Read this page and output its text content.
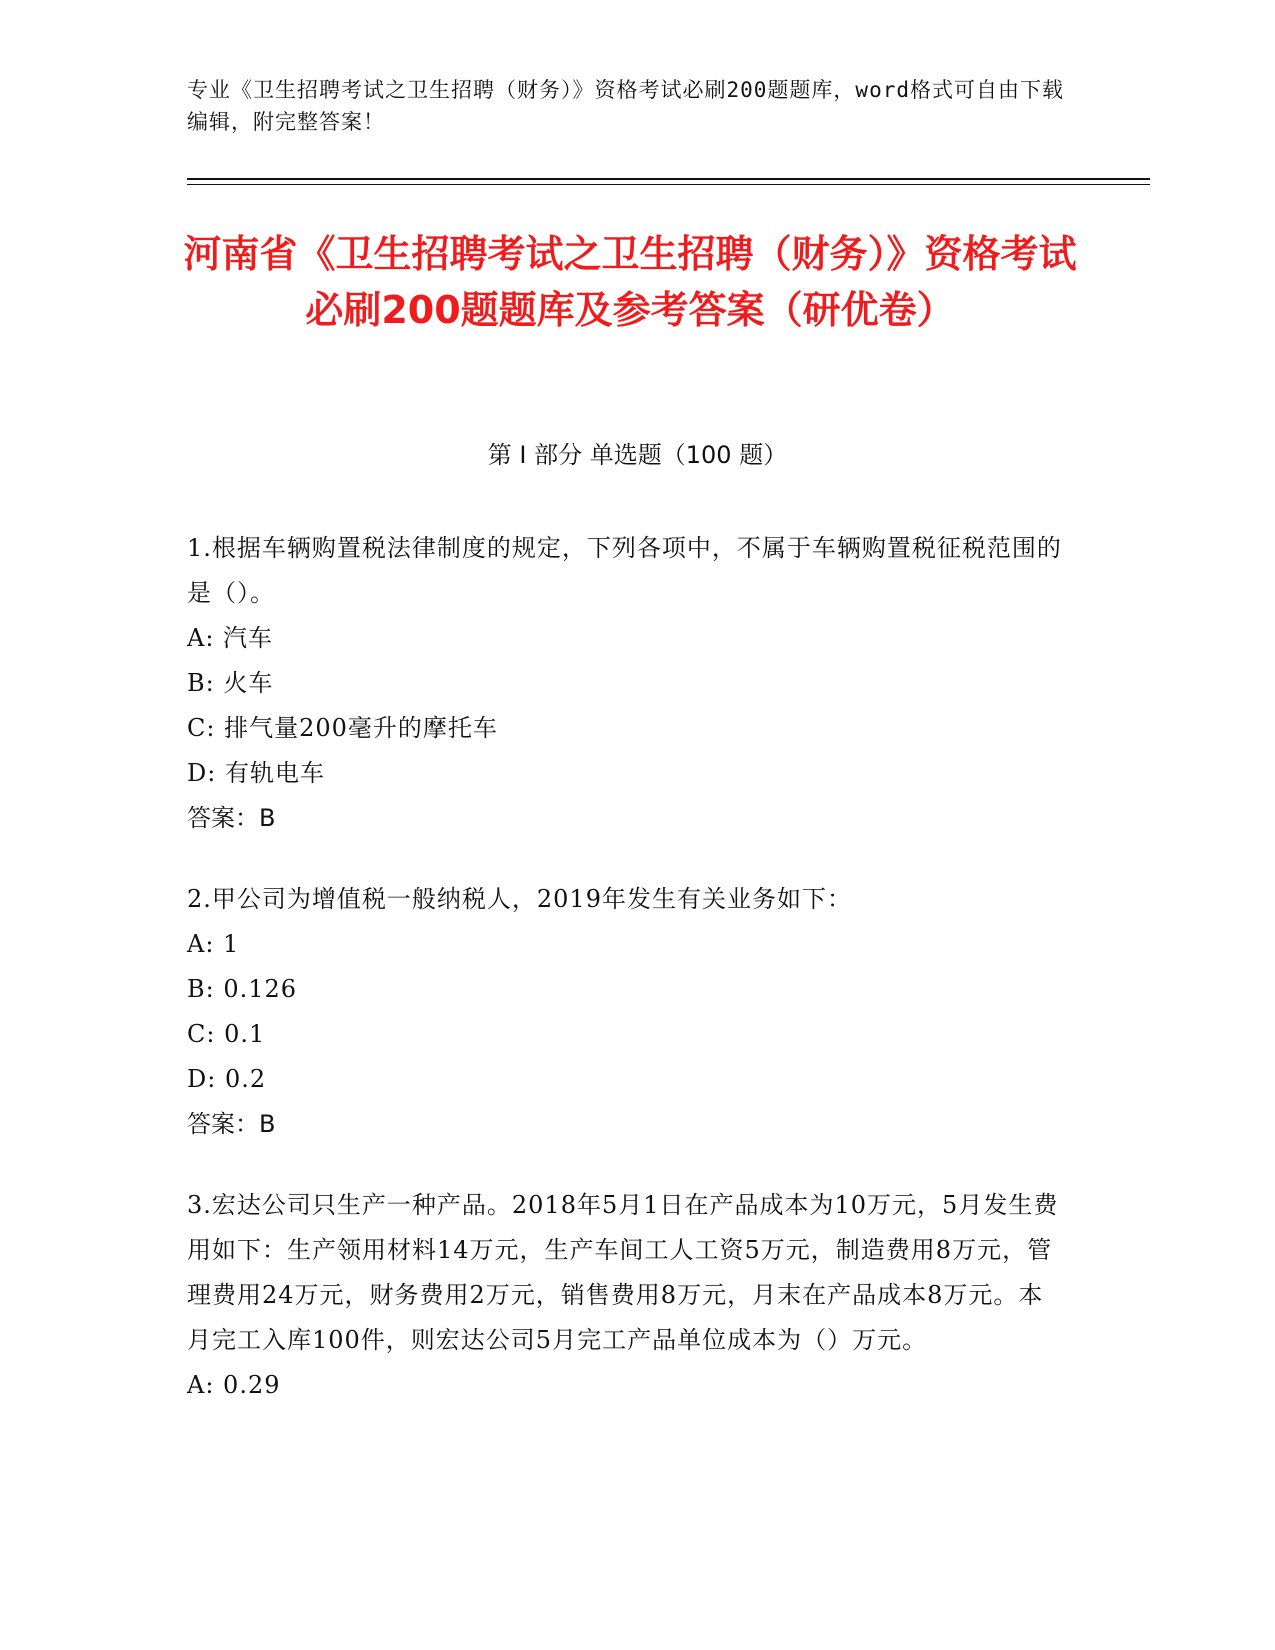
专业《卫生招聘考试之卫生招聘（财务）》资格考试必刷200题题库，word格式可自由下载编辑，附完整答案！
河南省《卫生招聘考试之卫生招聘（财务）》资格考试必刷200题题库及参考答案（研优卷）
第 I 部分 单选题（100 题）
1.根据车辆购置税法律制度的规定，下列各项中，不属于车辆购置税征税范围的是（）。
A: 汽车
B: 火车
C: 排气量200毫升的摩托车
D: 有轨电车
答案：B
2.甲公司为增值税一般纳税人，2019年发生有关业务如下：
A: 1
B: 0.126
C: 0.1
D: 0.2
答案：B
3.宏达公司只生产一种产品。2018年5月1日在产品成本为10万元，5月发生费用如下：生产领用材料14万元，生产车间工人工资5万元，制造费用8万元，管理费用24万元，财务费用2万元，销售费用8万元，月末在产品成本8万元。本月完工入库100件，则宏达公司5月完工产品单位成本为（）万元。
A: 0.29
